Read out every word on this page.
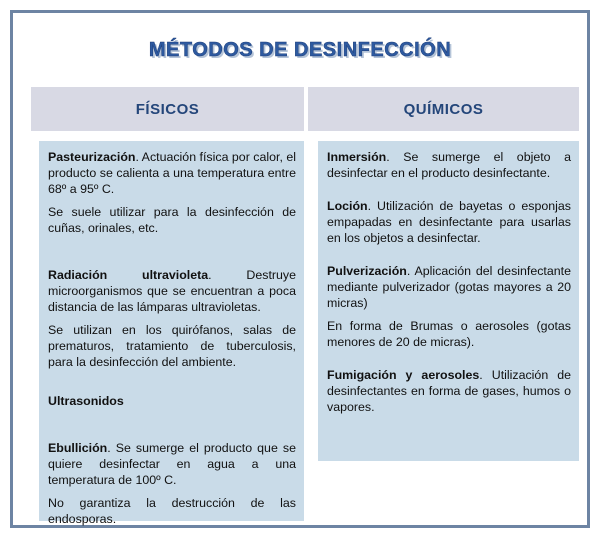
MÉTODOS DE DESINFECCIÓN
FÍSICOS	QUÍMICOS

Pasteurización. Actuación física por calor, el producto se calienta a una temperatura entre 68º a 95º C.

Se suele utilizar para la desinfección de cuñas, orinales, etc.

Radiación ultravioleta. Destruye microorganismos que se encuentran a poca distancia de las lámparas ultravioletas.

Se utilizan en los quirófanos, salas de prematuros, tratamiento de tuberculosis, para la desinfección del ambiente.

Ultrasonidos

Ebullición. Se sumerge el producto que se quiere desinfectar en agua a una temperatura de 100º C.

No garantiza la destrucción de las endosporas.

Inmersión. Se sumerge el objeto a desinfectar en el producto desinfectante.

Loción. Utilización de bayetas o esponjas empapadas en desinfectante para usarlas en los objetos a desinfectar.

Pulverización. Aplicación del desinfectante mediante pulverizador (gotas mayores a 20 micras)

En forma de Brumas o aerosoles (gotas menores de 20 de micras).

Fumigación y aerosoles. Utilización de desinfectantes en forma de gases, humos o vapores.
